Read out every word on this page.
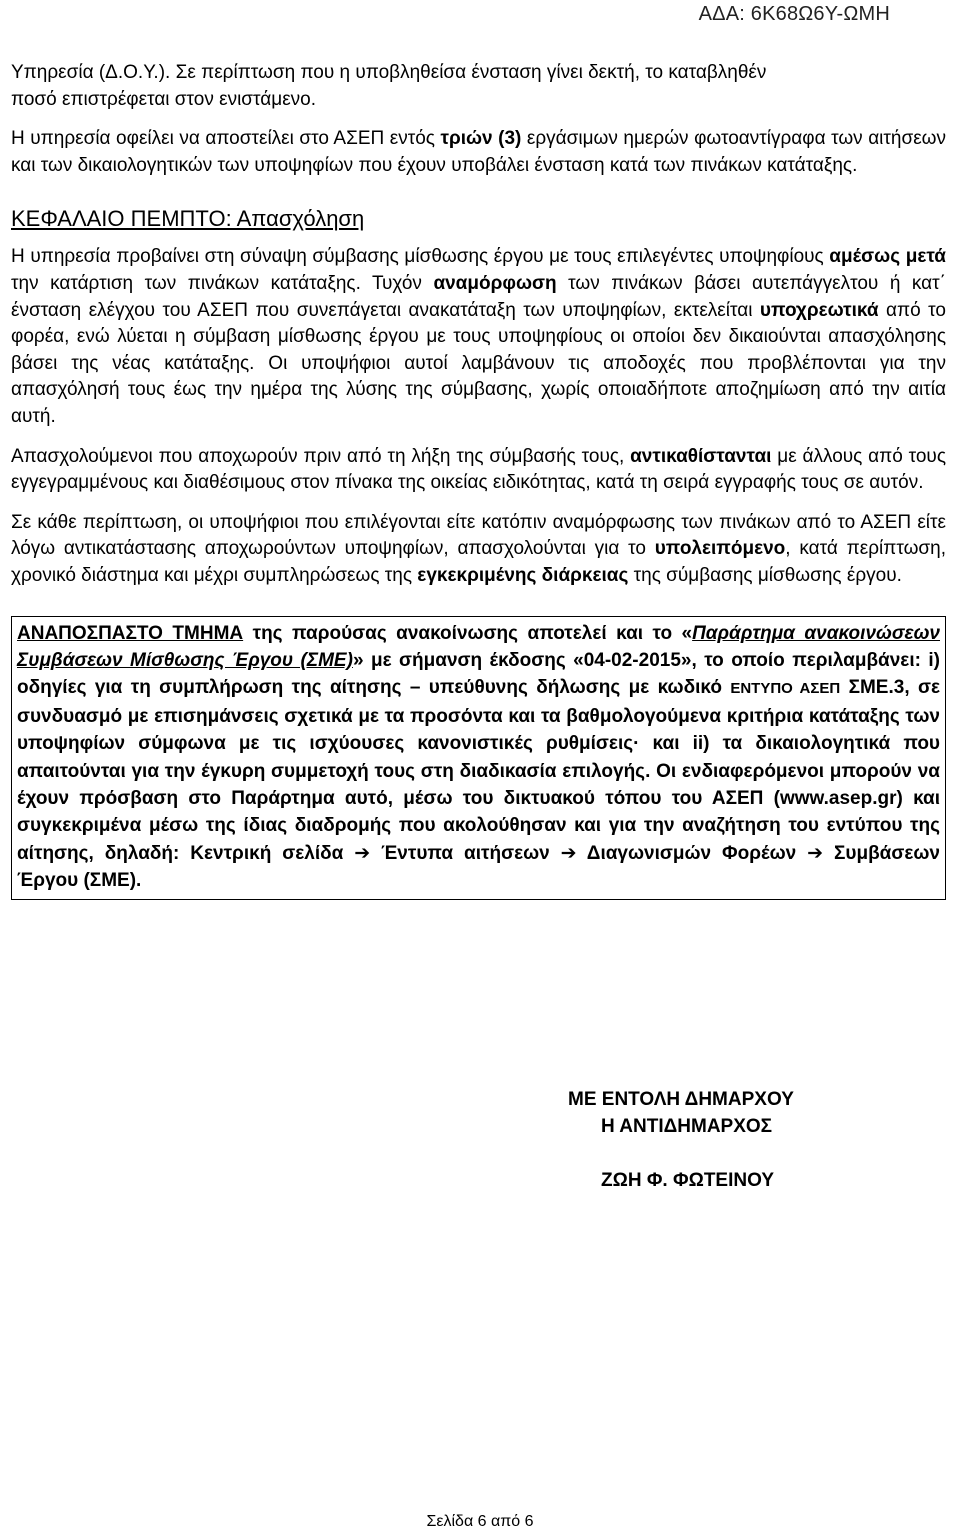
ΑΔΑ: 6Κ68Ω6Υ-ΩΜΗ

Υπηρεσία (Δ.Ο.Υ.). Σε περίπτωση που η υποβληθείσα ένσταση γίνει δεκτή, το καταβληθέν
ποσό επιστρέφεται στον ενιστάμενο.

Η υπηρεσία οφείλει να αποστείλει στο ΑΣΕΠ εντός τριών (3) εργάσιμων ημερών φωτοαντίγραφα των αιτήσεων και των δικαιολογητικών των υποψηφίων που έχουν υποβάλει ένσταση κατά των πινάκων κατάταξης.

ΚΕΦΑΛΑΙΟ ΠΕΜΠΤΟ: Απασχόληση

Η υπηρεσία προβαίνει στη σύναψη σύμβασης μίσθωσης έργου με τους επιλεγέντες υποψηφίους αμέσως μετά την κατάρτιση των πινάκων κατάταξης. Τυχόν αναμόρφωση των πινάκων βάσει αυτεπάγγελτου ή κατ΄ ένσταση ελέγχου του ΑΣΕΠ που συνεπάγεται ανακατάταξη των υποψηφίων, εκτελείται υποχρεωτικά από το φορέα, ενώ λύεται η σύμβαση μίσθωσης έργου με τους υποψηφίους οι οποίοι δεν δικαιούνται απασχόλησης βάσει της νέας κατάταξης. Οι υποψήφιοι αυτοί λαμβάνουν τις αποδοχές που προβλέπονται για την απασχόλησή τους έως την ημέρα της λύσης της σύμβασης, χωρίς οποιαδήποτε αποζημίωση από την αιτία αυτή.

Απασχολούμενοι που αποχωρούν πριν από τη λήξη της σύμβασής τους, αντικαθίστανται με άλλους από τους εγγεγραμμένους και διαθέσιμους στον πίνακα της οικείας ειδικότητας, κατά τη σειρά εγγραφής τους σε αυτόν.

Σε κάθε περίπτωση, οι υποψήφιοι που επιλέγονται είτε κατόπιν αναμόρφωσης των πινάκων από το ΑΣΕΠ είτε λόγω αντικατάστασης αποχωρούντων υποψηφίων, απασχολούνται για το υπολειπόμενο, κατά περίπτωση, χρονικό διάστημα και μέχρι συμπληρώσεως της εγκεκριμένης διάρκειας της σύμβασης μίσθωσης έργου.

ΑΝΑΠΟΣΠΑΣΤΟ ΤΜΗΜΑ της παρούσας ανακοίνωσης αποτελεί και το «Παράρτημα ανακοινώσεων Συμβάσεων Μίσθωσης Έργου (ΣΜΕ)» με σήμανση έκδοσης «04-02-2015», το οποίο περιλαμβάνει: i) οδηγίες για τη συμπλήρωση της αίτησης – υπεύθυνης δήλωσης με κωδικό ΕΝΤΥΠΟ ΑΣΕΠ ΣΜΕ.3, σε συνδυασμό με επισημάνσεις σχετικά με τα προσόντα και τα βαθμολογούμενα κριτήρια κατάταξης των υποψηφίων σύμφωνα με τις ισχύουσες κανονιστικές ρυθμίσεις· και ii) τα δικαιολογητικά που απαιτούνται για την έγκυρη συμμετοχή τους στη διαδικασία επιλογής. Οι ενδιαφερόμενοι μπορούν να έχουν πρόσβαση στο Παράρτημα αυτό, μέσω του δικτυακού τόπου του ΑΣΕΠ (www.asep.gr) και συγκεκριμένα μέσω της ίδιας διαδρομής που ακολούθησαν και για την αναζήτηση του εντύπου της αίτησης, δηλαδή: Κεντρική σελίδα ➔ Έντυπα αιτήσεων ➔ Διαγωνισμών Φορέων ➔ Συμβάσεων Έργου (ΣΜΕ).
ΜΕ ΕΝΤΟΛΗ ΔΗΜΑΡΧΟΥ
Η ΑΝΤΙΔΗΜΑΡΧΟΣ
ΖΩΗ Φ. ΦΩΤΕΙΝΟΥ
Σελίδα 6 από 6
